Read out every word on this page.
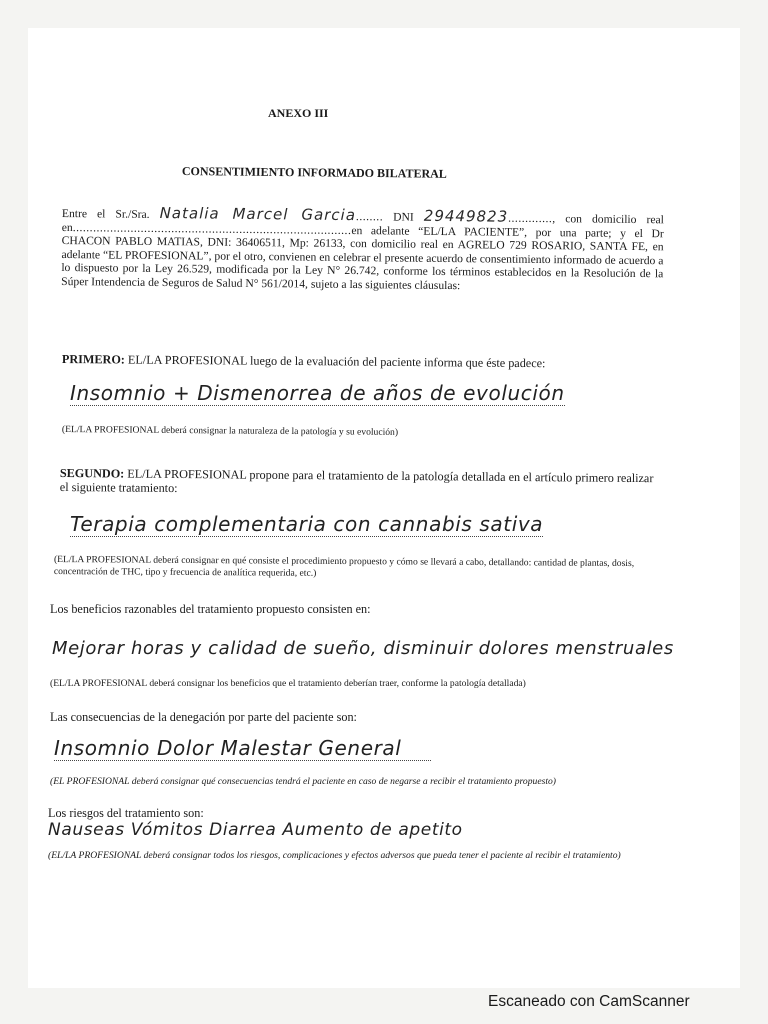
ANEXO III
CONSENTIMIENTO INFORMADO BILATERAL
Entre el Sr./Sra. Natalia Marcel Garcia........ DNI 29449823............., con domicilio real en..................................................................................en adelante “EL/LA PACIENTE”, por una parte; y el Dr CHACON PABLO MATIAS, DNI: 36406511, Mp: 26133, con domicilio real en AGRELO 729 ROSARIO, SANTA FE, en adelante “EL PROFESIONAL”, por el otro, convienen en celebrar el presente acuerdo de consentimiento informado de acuerdo a lo dispuesto por la Ley 26.529, modificada por la Ley N° 26.742, conforme los términos establecidos en la Resolución de la Súper Intendencia de Seguros de Salud N° 561/2014, sujeto a las siguientes cláusulas:
PRIMERO: EL/LA PROFESIONAL luego de la evaluación del paciente informa que éste padece:
Insomnio + Dismenorrea de años de evolución
(EL/LA PROFESIONAL deberá consignar la naturaleza de la patología y su evolución)
SEGUNDO: EL/LA PROFESIONAL propone para el tratamiento de la patología detallada en el artículo primero realizar el siguiente tratamiento:
Terapia complementaria con cannabis sativa
(EL/LA PROFESIONAL deberá consignar en qué consiste el procedimiento propuesto y cómo se llevará a cabo, detallando: cantidad de plantas, dosis, concentración de THC, tipo y frecuencia de analítica requerida, etc.)
Los beneficios razonables del tratamiento propuesto consisten en:
Mejorar horas y calidad de sueño, disminuir dolores menstruales
(EL/LA PROFESIONAL deberá consignar los beneficios que el tratamiento deberían traer, conforme la patología detallada)
Las consecuencias de la denegación por parte del paciente son:
Insomnio Dolor Malestar General
(EL PROFESIONAL deberá consignar qué consecuencias tendrá el paciente en caso de negarse a recibir el tratamiento propuesto)
Los riesgos del tratamiento son:
Nauseas Vómitos Diarrea Aumento de apetito
(EL/LA PROFESIONAL deberá consignar todos los riesgos, complicaciones y efectos adversos que pueda tener el paciente al recibir el tratamiento)
Escaneado con CamScanner
